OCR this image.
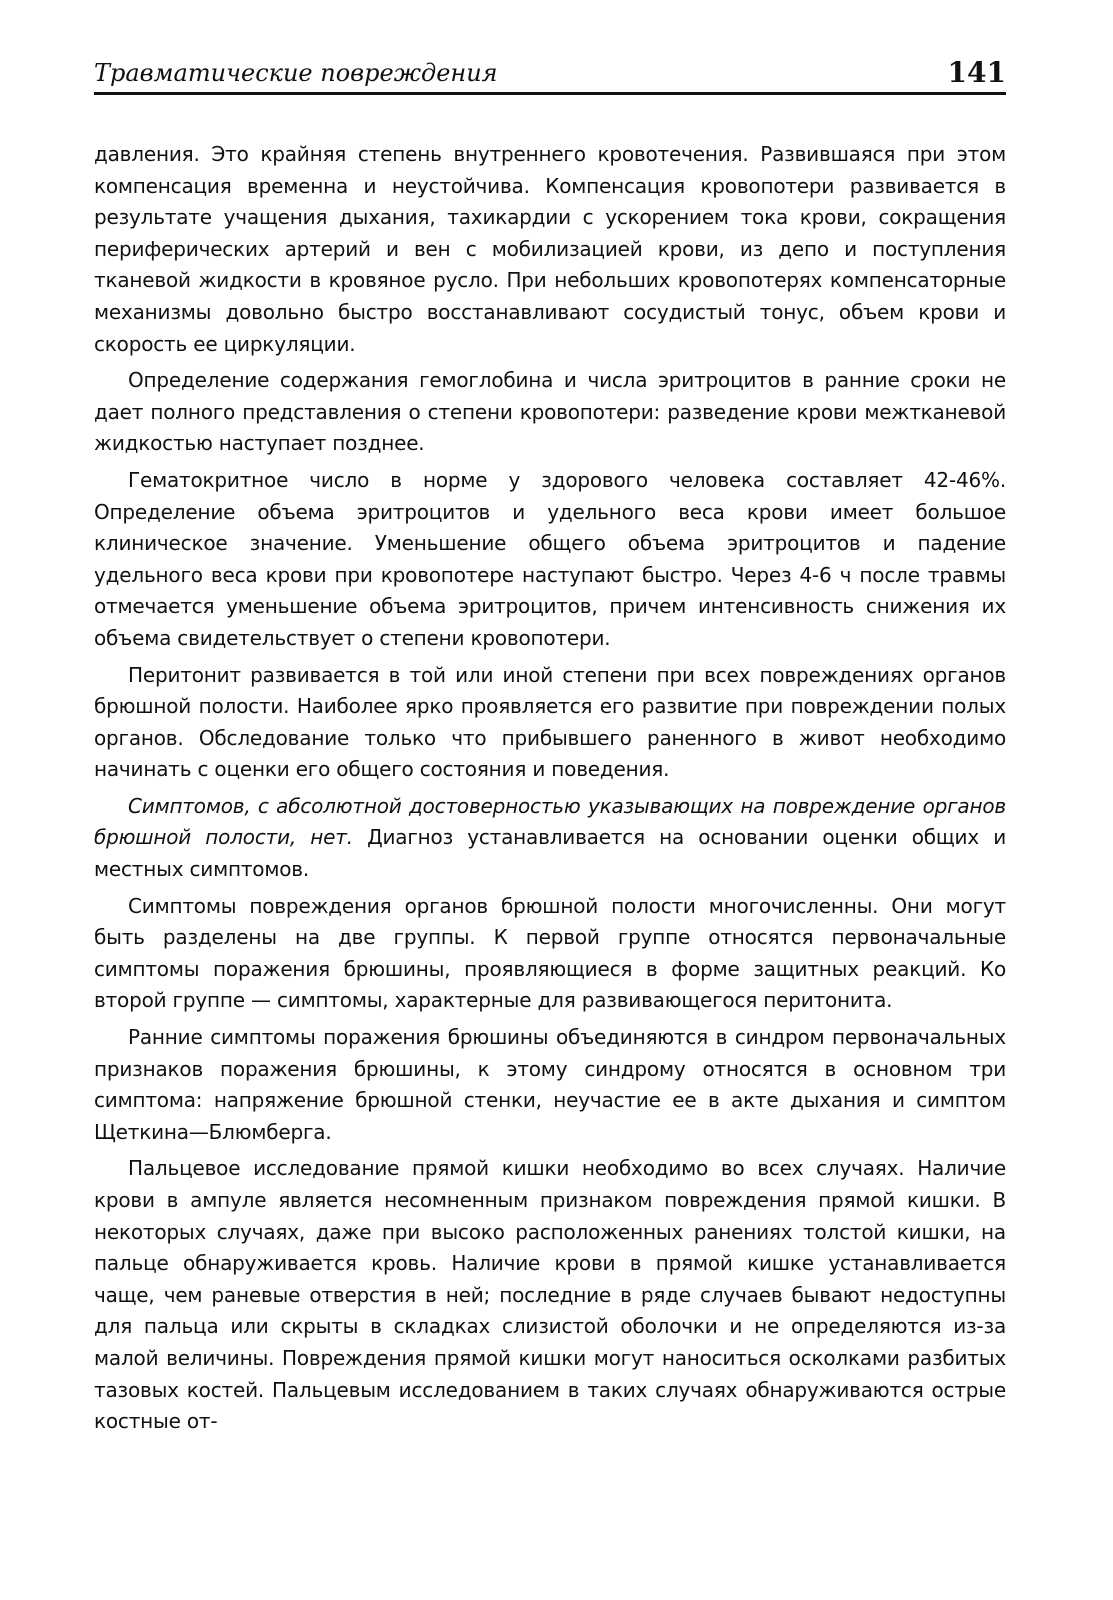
Травматические повреждения	141

давления. Это крайняя степень внутреннего кровотечения. Развившаяся при этом компенсация временна и неустойчива. Компенсация кровопотери развивается в результате учащения дыхания, тахикардии с ускорением тока крови, сокращения периферических артерий и вен с мобилизацией крови, из депо и поступления тканевой жидкости в кровяное русло. При небольших кровопотерях компенсаторные механизмы довольно быстро восстанавливают сосудистый тонус, объем крови и скорость ее циркуляции.

Определение содержания гемоглобина и числа эритроцитов в ранние сроки не дает полного представления о степени кровопотери: разведение крови межтканевой жидкостью наступает позднее.

Гематокритное число в норме у здорового человека составляет 42-46%. Определение объема эритроцитов и удельного веса крови имеет большое клиническое значение. Уменьшение общего объема эритроцитов и падение удельного веса крови при кровопотере наступают быстро. Через 4-6 ч после травмы отмечается уменьшение объема эритроцитов, причем интенсивность снижения их объема свидетельствует о степени кровопотери.

Перитонит развивается в той или иной степени при всех повреждениях органов брюшной полости. Наиболее ярко проявляется его развитие при повреждении полых органов. Обследование только что прибывшего раненного в живот необходимо начинать с оценки его общего состояния и поведения.

Симптомов, с абсолютной достоверностью указывающих на повреждение органов брюшной полости, нет. Диагноз устанавливается на основании оценки общих и местных симптомов.

Симптомы повреждения органов брюшной полости многочисленны. Они могут быть разделены на две группы. К первой группе относятся первоначальные симптомы поражения брюшины, проявляющиеся в форме защитных реакций. Ко второй группе — симптомы, характерные для развивающегося перитонита.

Ранние симптомы поражения брюшины объединяются в синдром первоначальных признаков поражения брюшины, к этому синдрому относятся в основном три симптома: напряжение брюшной стенки, неучастие ее в акте дыхания и симптом Щеткина—Блюмберга.

Пальцевое исследование прямой кишки необходимо во всех случаях. Наличие крови в ампуле является несомненным признаком повреждения прямой кишки. В некоторых случаях, даже при высоко расположенных ранениях толстой кишки, на пальце обнаруживается кровь. Наличие крови в прямой кишке устанавливается чаще, чем раневые отверстия в ней; последние в ряде случаев бывают недоступны для пальца или скрыты в складках слизистой оболочки и не определяются из-за малой величины. Повреждения прямой кишки могут наноситься осколками разбитых тазовых костей. Пальцевым исследованием в таких случаях обнаруживаются острые костные от-
